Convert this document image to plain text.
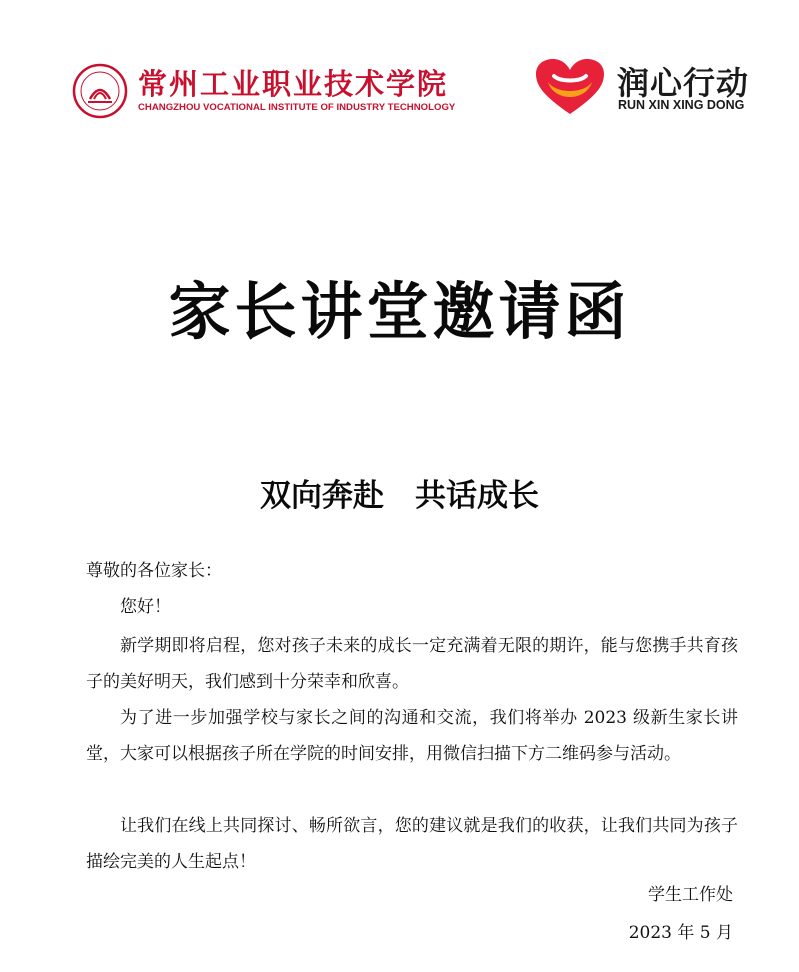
常州工业职业技术学院
CHANGZHOU VOCATIONAL INSTITUTE OF INDUSTRY TECHNOLOGY
润心行动
RUN XIN XING DONG
家长讲堂邀请函
双向奔赴　共话成长
尊敬的各位家长：
您好！

新学期即将启程，您对孩子未来的成长一定充满着无限的期许，能与您携手共育孩子的美好明天，我们感到十分荣幸和欣喜。

为了进一步加强学校与家长之间的沟通和交流，我们将举办 2023 级新生家长讲堂，大家可以根据孩子所在学院的时间安排，用微信扫描下方二维码参与活动。

让我们在线上共同探讨、畅所欲言，您的建议就是我们的收获，让我们共同为孩子描绘完美的人生起点！

学生工作处
2023 年 5 月
